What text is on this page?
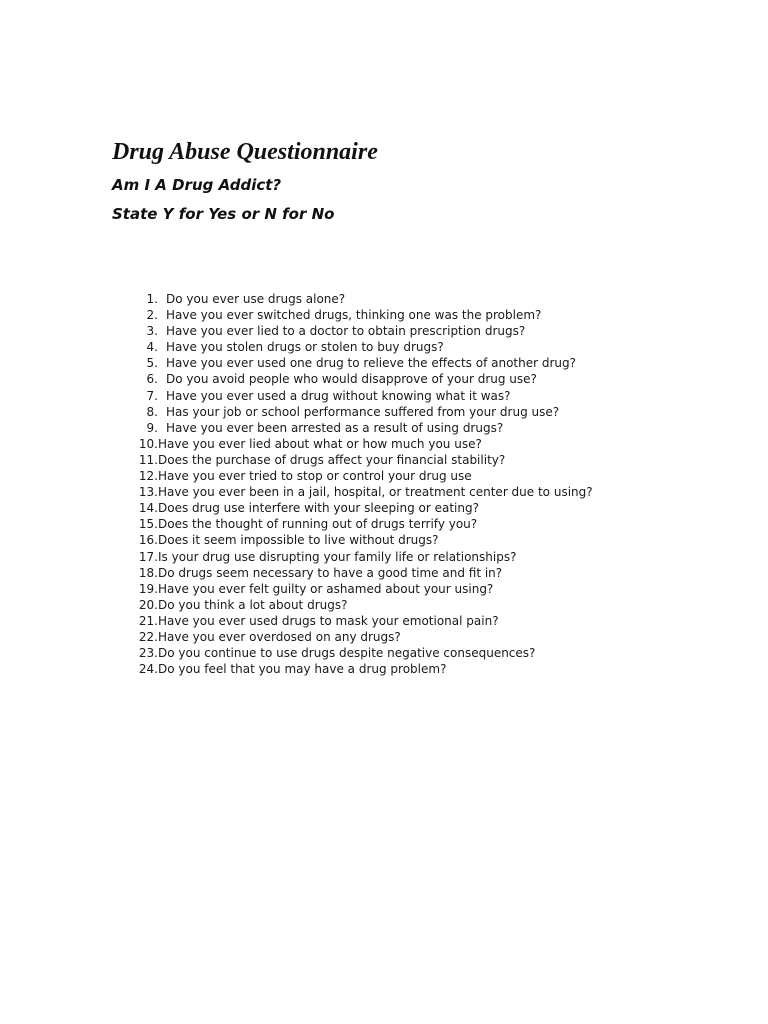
Drug Abuse Questionnaire

Am I A Drug Addict?

State Y for Yes or N for No

1. Do you ever use drugs alone?
2. Have you ever switched drugs, thinking one was the problem?
3. Have you ever lied to a doctor to obtain prescription drugs?
4. Have you stolen drugs or stolen to buy drugs?
5. Have you ever used one drug to relieve the effects of another drug?
6. Do you avoid people who would disapprove of your drug use?
7. Have you ever used a drug without knowing what it was?
8. Has your job or school performance suffered from your drug use?
9. Have you ever been arrested as a result of using drugs?
10. Have you ever lied about what or how much you use?
11. Does the purchase of drugs affect your financial stability?
12. Have you ever tried to stop or control your drug use
13. Have you ever been in a jail, hospital, or treatment center due to using?
14. Does drug use interfere with your sleeping or eating?
15. Does the thought of running out of drugs terrify you?
16. Does it seem impossible to live without drugs?
17. Is your drug use disrupting your family life or relationships?
18. Do drugs seem necessary to have a good time and fit in?
19. Have you ever felt guilty or ashamed about your using?
20. Do you think a lot about drugs?
21. Have you ever used drugs to mask your emotional pain?
22. Have you ever overdosed on any drugs?
23. Do you continue to use drugs despite negative consequences?
24. Do you feel that you may have a drug problem?
